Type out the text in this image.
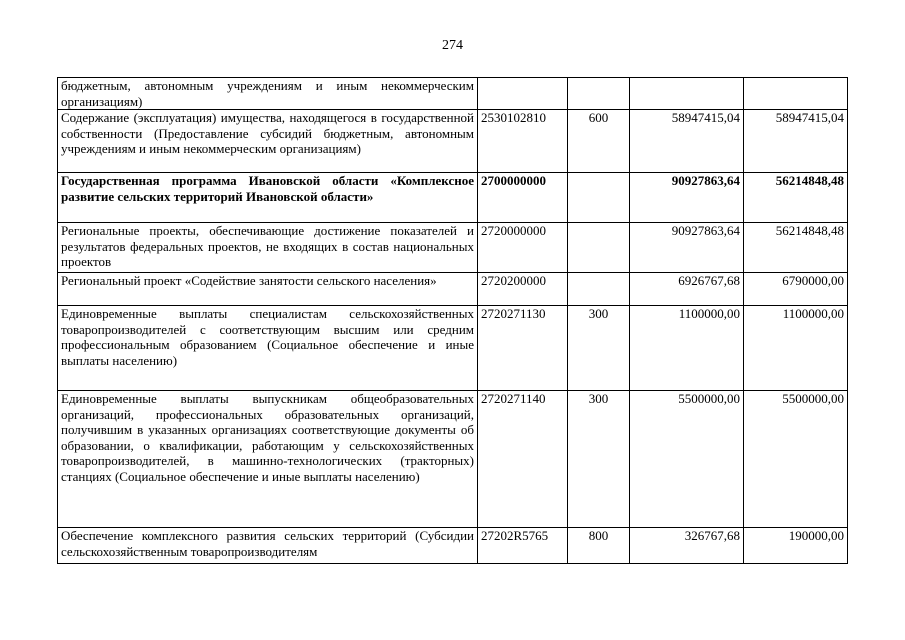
274
бюджетным, автономным учреждениям и иным некоммерческим организациям)				
Содержание (эксплуатация) имущества, находящегося в государственной собственности (Предоставление субсидий бюджетным, автономным учреждениям и иным некоммерческим организациям)	2530102810	600	58947415,04	58947415,04
Государственная программа Ивановской области «Комплексное развитие сельских территорий Ивановской области»	2700000000		90927863,64	56214848,48
Региональные проекты, обеспечивающие достижение показателей и результатов федеральных проектов, не входящих в состав национальных проектов	2720000000		90927863,64	56214848,48
Региональный проект «Содействие занятости сельского населения»	2720200000		6926767,68	6790000,00
Единовременные выплаты специалистам сельскохозяйственных товаропроизводителей с соответствующим высшим или средним профессиональным образованием (Социальное обеспечение и иные выплаты населению)	2720271130	300	1100000,00	1100000,00
Единовременные выплаты выпускникам общеобразовательных организаций, профессиональных образовательных организаций, получившим в указанных организациях соответствующие документы об образовании, о квалификации, работающим у сельскохозяйственных товаропроизводителей, в машинно-технологических (тракторных) станциях (Социальное обеспечение и иные выплаты населению)	2720271140	300	5500000,00	5500000,00
Обеспечение комплексного развития сельских территорий (Субсидии сельскохозяйственным товаропроизводителям	27202R5765	800	326767,68	190000,00
